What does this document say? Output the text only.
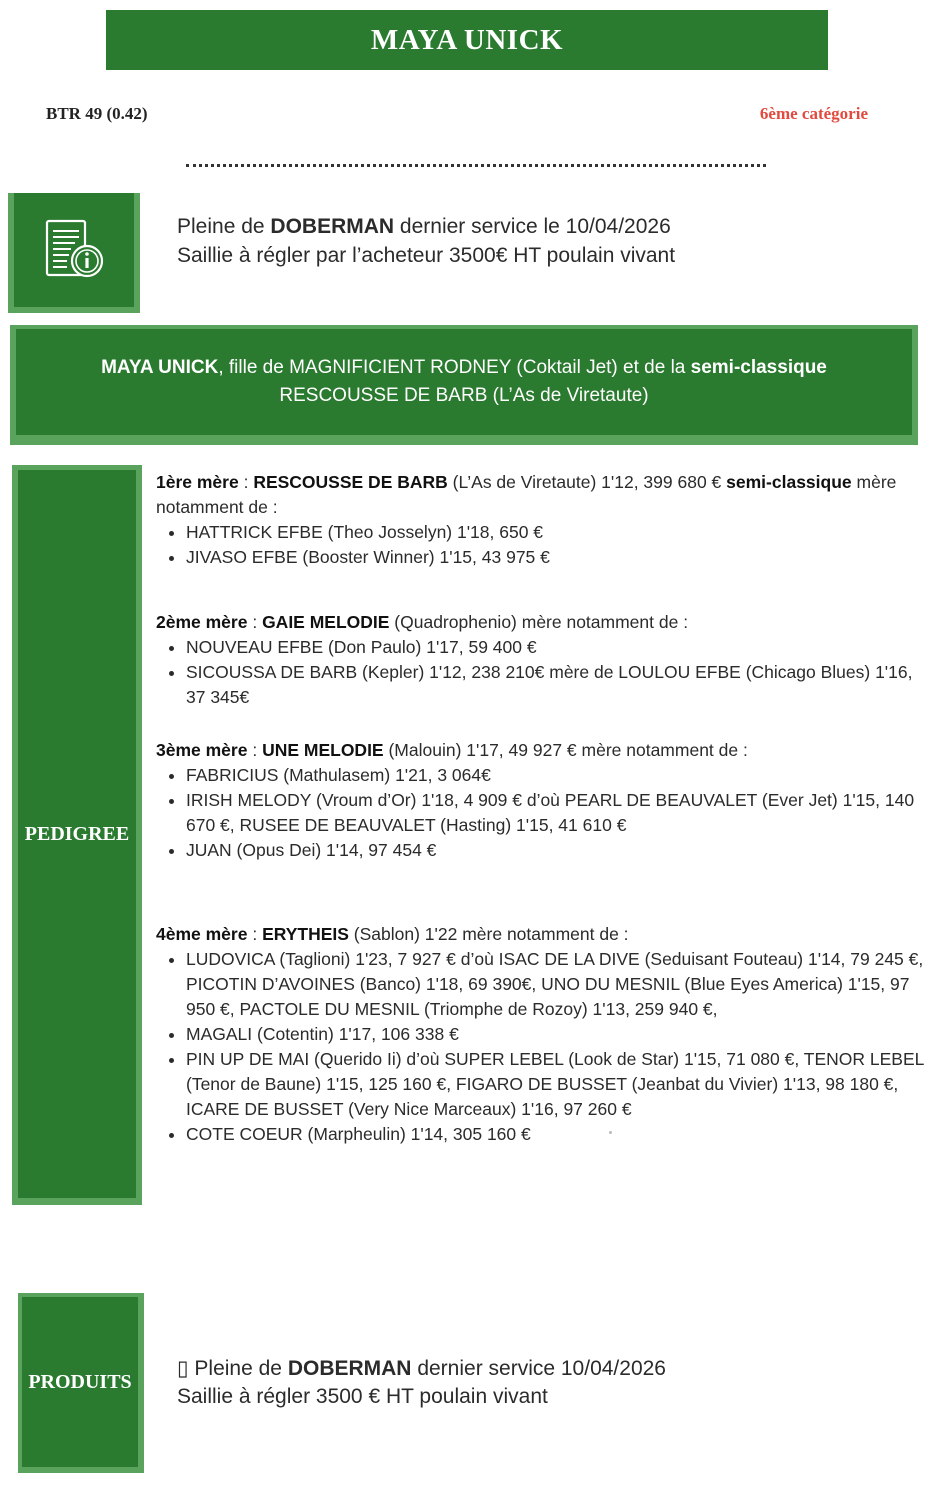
MAYA UNICK
BTR 49 (0.42)	6ème catégorie
Pleine de DOBERMAN dernier service le 10/04/2026
Saillie à régler par l’acheteur 3500€ HT poulain vivant
MAYA UNICK, fille de MAGNIFICIENT RODNEY (Coktail Jet) et de la semi-classique
RESCOUSSE DE BARB (L’As de Viretaute)
PEDIGREE

1ère mère : RESCOUSSE DE BARB (L’As de Viretaute) 1'12, 399 680 € semi-classique mère notamment de :

• HATTRICK EFBE (Theo Josselyn) 1'18, 650 €
• JIVASO EFBE (Booster Winner) 1'15, 43 975 €

2ème mère : GAIE MELODIE (Quadrophenio) mère notamment de :

• NOUVEAU EFBE (Don Paulo) 1'17, 59 400 €
• SICOUSSA DE BARB (Kepler) 1'12, 238 210€ mère de LOULOU EFBE (Chicago Blues) 1'16, 37 345€

3ème mère : UNE MELODIE (Malouin) 1'17, 49 927 € mère notamment de :

• FABRICIUS (Mathulasem) 1'21, 3 064€
• IRISH MELODY (Vroum d’Or) 1'18, 4 909 € d’où PEARL DE BEAUVALET (Ever Jet) 1'15, 140 670 €, RUSEE DE BEAUVALET (Hasting) 1'15, 41 610 €
• JUAN (Opus Dei) 1'14, 97 454 €

4ème mère : ERYTHEIS (Sablon) 1'22 mère notamment de :

• LUDOVICA (Taglioni) 1'23, 7 927 € d’où ISAC DE LA DIVE (Seduisant Fouteau) 1'14, 79 245 €, PICOTIN D’AVOINES (Banco) 1'18, 69 390€, UNO DU MESNIL (Blue Eyes America) 1'15, 97 950 €, PACTOLE DU MESNIL (Triomphe de Rozoy) 1'13, 259 940 €,
• MAGALI (Cotentin) 1'17, 106 338 €
• PIN UP DE MAI (Querido Ii) d’où SUPER LEBEL (Look de Star) 1'15, 71 080 €, TENOR LEBEL (Tenor de Baune) 1'15, 125 160 €, FIGARO DE BUSSET (Jeanbat du Vivier) 1'13, 98 180 €, ICARE DE BUSSET (Very Nice Marceaux) 1'16, 97 260 €
• COTE COEUR (Marpheulin) 1'14, 305 160 €
PRODUITS
▯ Pleine de DOBERMAN dernier service 10/04/2026
Saillie à régler 3500 € HT poulain vivant
